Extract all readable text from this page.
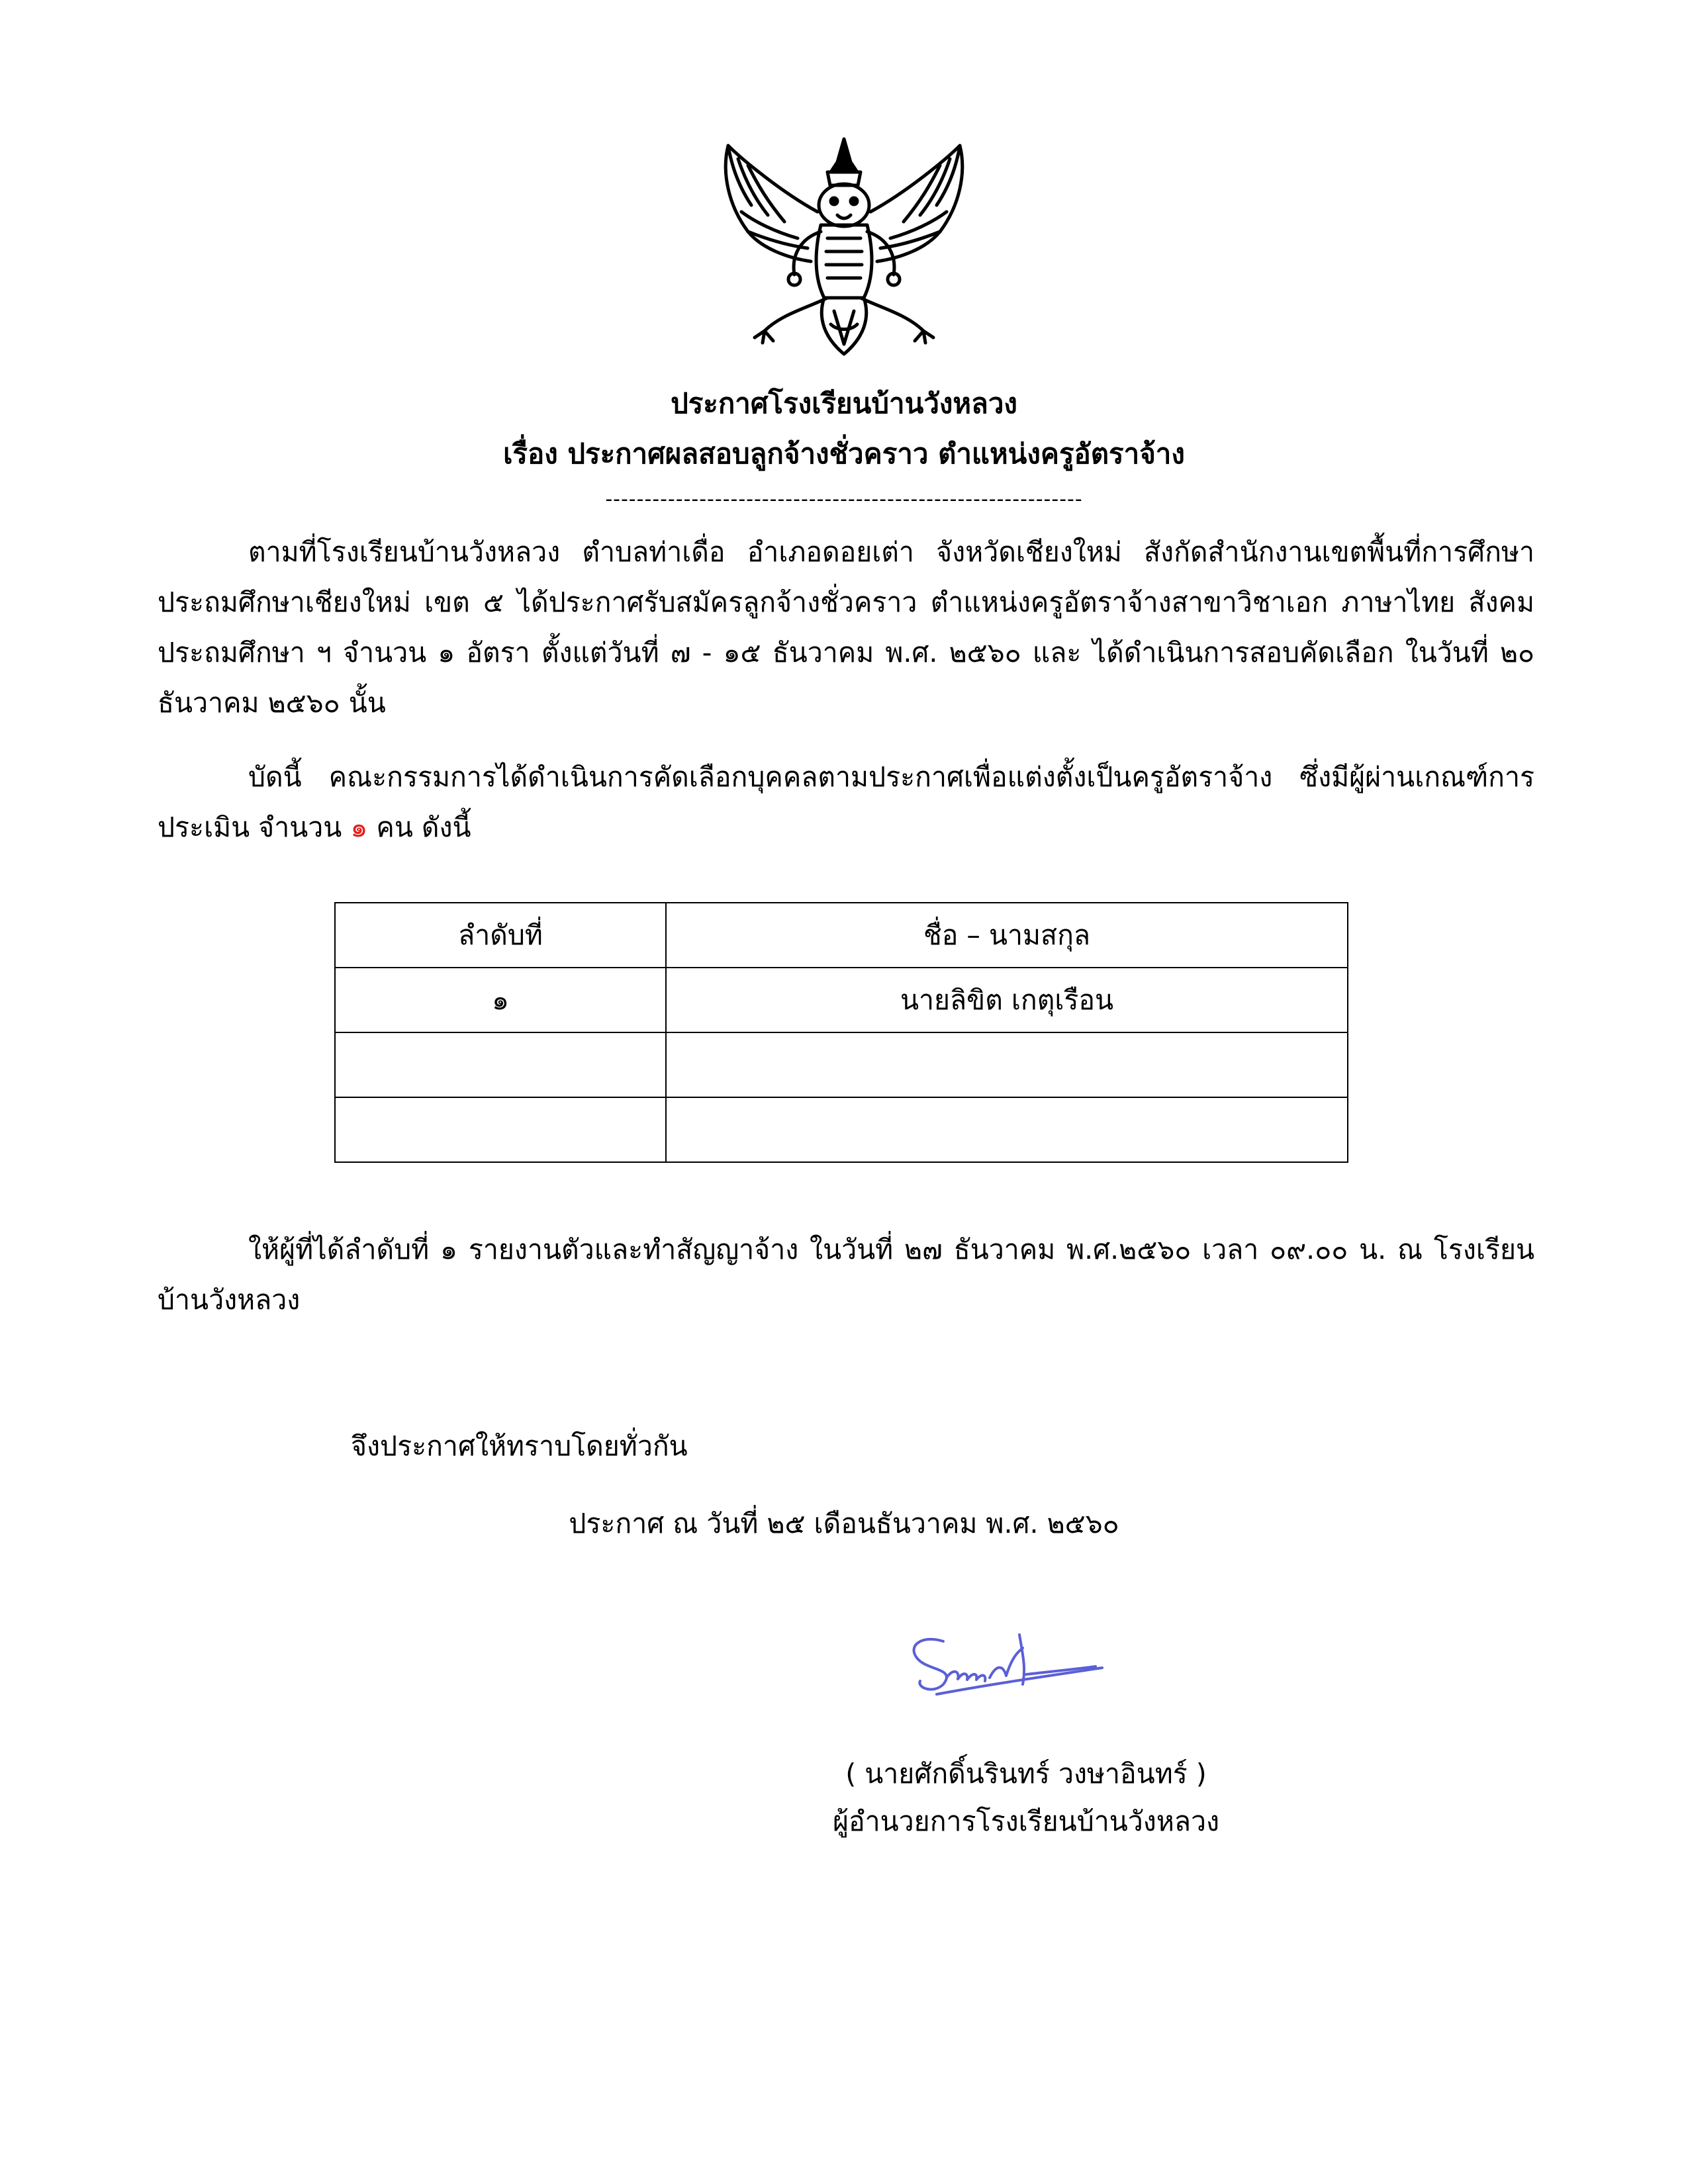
ประกาศโรงเรียนบ้านวังหลวง
เรื่อง ประกาศผลสอบลูกจ้างชั่วคราว ตำแหน่งครูอัตราจ้าง
-------------------------------------------------------------
ตามที่โรงเรียนบ้านวังหลวง ตำบลท่าเดื่อ อำเภอดอยเต่า จังหวัดเชียงใหม่ สังกัดสำนักงานเขตพื้นที่การศึกษาประถมศึกษาเชียงใหม่ เขต ๕ ได้ประกาศรับสมัครลูกจ้างชั่วคราว ตำแหน่งครูอัตราจ้างสาขาวิชาเอก ภาษาไทย สังคมประถมศึกษา ฯ จำนวน ๑ อัตรา ตั้งแต่วันที่ ๗ - ๑๕ ธันวาคม พ.ศ. ๒๕๖๐ และ ได้ดำเนินการสอบคัดเลือก ในวันที่ ๒๐ ธันวาคม ๒๕๖๐ นั้น
บัดนี้ คณะกรรมการได้ดำเนินการคัดเลือกบุคคลตามประกาศเพื่อแต่งตั้งเป็นครูอัตราจ้าง ซึ่งมีผู้ผ่านเกณฑ์การประเมิน จำนวน ๑ คน ดังนี้
ลำดับที่	ชื่อ – นามสกุล
๑	นายลิขิต เกตุเรือน

ให้ผู้ที่ได้ลำดับที่ ๑ รายงานตัวและทำสัญญาจ้าง ในวันที่ ๒๗ ธันวาคม พ.ศ.๒๕๖๐ เวลา ๐๙.๐๐ น. ณ โรงเรียนบ้านวังหลวง
จึงประกาศให้ทราบโดยทั่วกัน
ประกาศ ณ วันที่ ๒๕ เดือนธันวาคม พ.ศ. ๒๕๖๐
( นายศักดิ์นรินทร์ วงษาอินทร์ )
ผู้อำนวยการโรงเรียนบ้านวังหลวง
